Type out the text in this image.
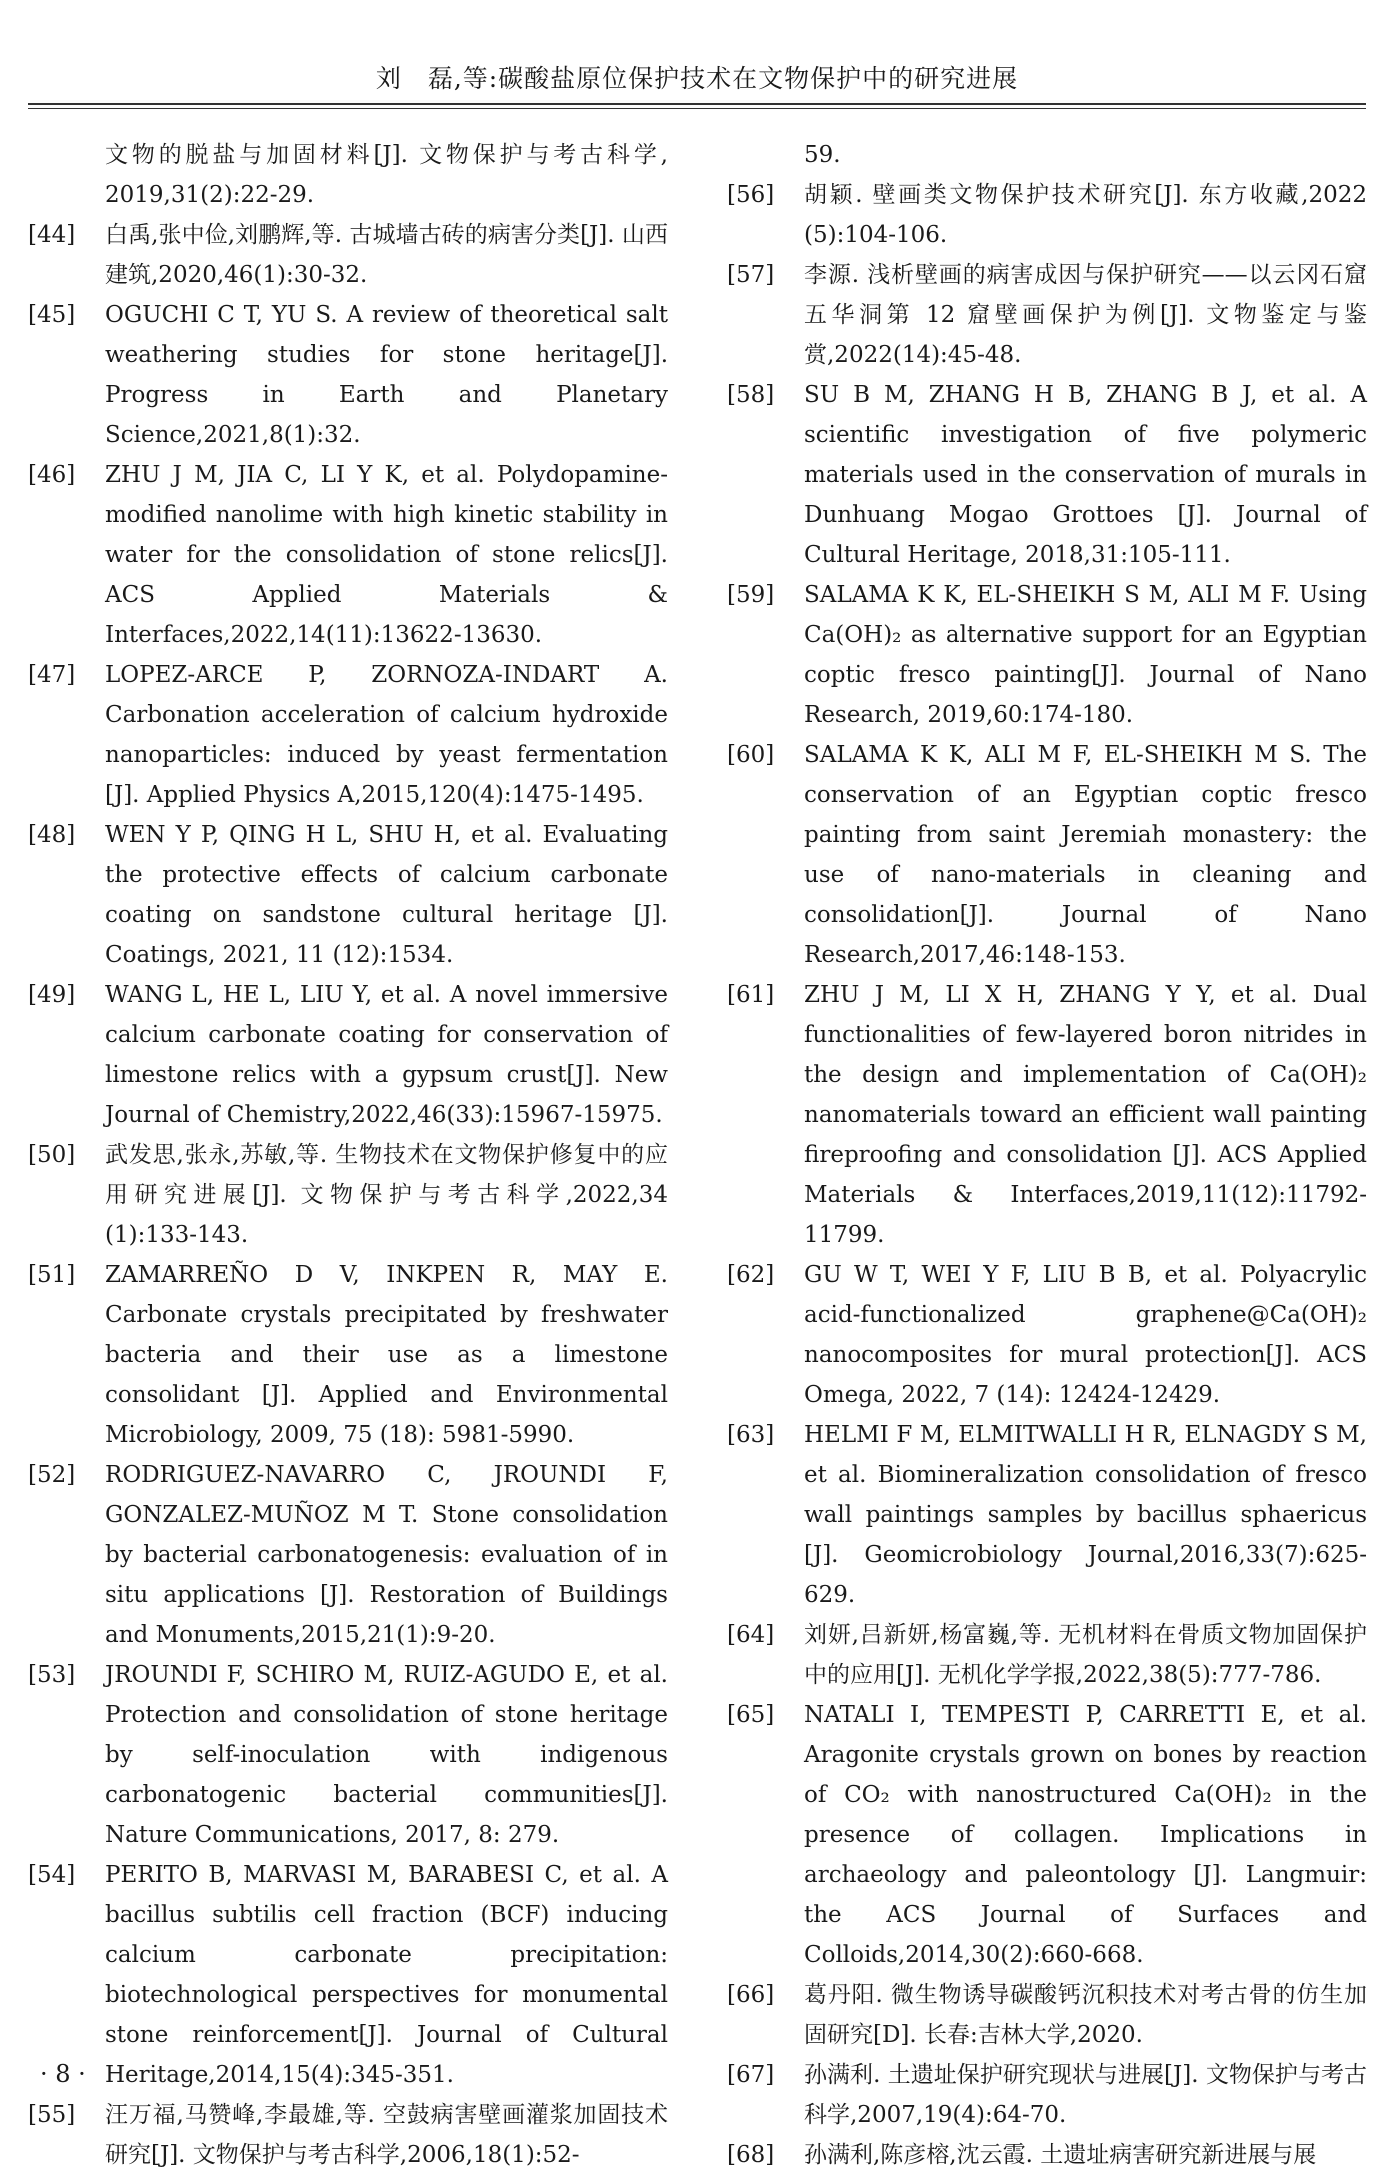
刘　磊,等:碳酸盐原位保护技术在文物保护中的研究进展
文物的脱盐与加固材料[J]. 文物保护与考古科学, 2019,31(2):22-29.
[44]	白禹,张中俭,刘鹏辉,等. 古城墙古砖的病害分类[J]. 山西建筑,2020,46(1):30-32.
[45]	OGUCHI C T, YU S. A review of theoretical salt weathering studies for stone heritage[J]. Progress in Earth and Planetary Science,2021,8(1):32.
[46]	ZHU J M, JIA C, LI Y K, et al. Polydopamine-modified nanolime with high kinetic stability in water for the consolidation of stone relics[J]. ACS Applied Materials & Interfaces,2022,14(11):13622-13630.
[47]	LOPEZ-ARCE P, ZORNOZA-INDART A. Carbonation acceleration of calcium hydroxide nanoparticles: induced by yeast fermentation [J]. Applied Physics A,2015,120(4):1475-1495.
[48]	WEN Y P, QING H L, SHU H, et al. Evaluating the protective effects of calcium carbonate coating on sandstone cultural heritage [J]. Coatings, 2021, 11 (12):1534.
[49]	WANG L, HE L, LIU Y, et al. A novel immersive calcium carbonate coating for conservation of limestone relics with a gypsum crust[J]. New Journal of Chemistry,2022,46(33):15967-15975.
[50]	武发思,张永,苏敏,等. 生物技术在文物保护修复中的应用研究进展[J]. 文物保护与考古科学,2022,34 (1):133-143.
[51]	ZAMARREÑO D V, INKPEN R, MAY E. Carbonate crystals precipitated by freshwater bacteria and their use as a limestone consolidant [J]. Applied and Environmental Microbiology, 2009, 75 (18): 5981-5990.
[52]	RODRIGUEZ-NAVARRO C, JROUNDI F, GONZALEZ-MUÑOZ M T. Stone consolidation by bacterial carbonatogenesis: evaluation of in situ applications [J]. Restoration of Buildings and Monuments,2015,21(1):9-20.
[53]	JROUNDI F, SCHIRO M, RUIZ-AGUDO E, et al. Protection and consolidation of stone heritage by self-inoculation with indigenous carbonatogenic bacterial communities[J]. Nature Communications, 2017, 8: 279.
[54]	PERITO B, MARVASI M, BARABESI C, et al. A bacillus subtilis cell fraction (BCF) inducing calcium carbonate precipitation: biotechnological perspectives for monumental stone reinforcement[J]. Journal of Cultural Heritage,2014,15(4):345-351.
[55]	汪万福,马赞峰,李最雄,等. 空鼓病害壁画灌浆加固技术研究[J]. 文物保护与考古科学,2006,18(1):52-
59.
[56]	胡颖. 壁画类文物保护技术研究[J]. 东方收藏,2022 (5):104-106.
[57]	李源. 浅析壁画的病害成因与保护研究——以云冈石窟五华洞第 12 窟壁画保护为例[J]. 文物鉴定与鉴赏,2022(14):45-48.
[58]	SU B M, ZHANG H B, ZHANG B J, et al. A scientific investigation of five polymeric materials used in the conservation of murals in Dunhuang Mogao Grottoes [J]. Journal of Cultural Heritage, 2018,31:105-111.
[59]	SALAMA K K, EL-SHEIKH S M, ALI M F. Using Ca(OH)₂ as alternative support for an Egyptian coptic fresco painting[J]. Journal of Nano Research, 2019,60:174-180.
[60]	SALAMA K K, ALI M F, EL-SHEIKH M S. The conservation of an Egyptian coptic fresco painting from saint Jeremiah monastery: the use of nano-materials in cleaning and consolidation[J]. Journal of Nano Research,2017,46:148-153.
[61]	ZHU J M, LI X H, ZHANG Y Y, et al. Dual functionalities of few-layered boron nitrides in the design and implementation of Ca(OH)₂ nanomaterials toward an efficient wall painting fireproofing and consolidation [J]. ACS Applied Materials & Interfaces,2019,11(12):11792-11799.
[62]	GU W T, WEI Y F, LIU B B, et al. Polyacrylic acid-functionalized graphene@Ca(OH)₂ nanocomposites for mural protection[J]. ACS Omega, 2022, 7 (14): 12424-12429.
[63]	HELMI F M, ELMITWALLI H R, ELNAGDY S M, et al. Biomineralization consolidation of fresco wall paintings samples by bacillus sphaericus [J]. Geomicrobiology Journal,2016,33(7):625-629.
[64]	刘妍,吕新妍,杨富巍,等. 无机材料在骨质文物加固保护中的应用[J]. 无机化学学报,2022,38(5):777-786.
[65]	NATALI I, TEMPESTI P, CARRETTI E, et al. Aragonite crystals grown on bones by reaction of CO₂ with nanostructured Ca(OH)₂ in the presence of collagen. Implications in archaeology and paleontology [J]. Langmuir: the ACS Journal of Surfaces and Colloids,2014,30(2):660-668.
[66]	葛丹阳. 微生物诱导碳酸钙沉积技术对考古骨的仿生加固研究[D]. 长春:吉林大学,2020.
[67]	孙满利. 土遗址保护研究现状与进展[J]. 文物保护与考古科学,2007,19(4):64-70.
[68]	孙满利,陈彦榕,沈云霞. 土遗址病害研究新进展与展
· 8 ·
